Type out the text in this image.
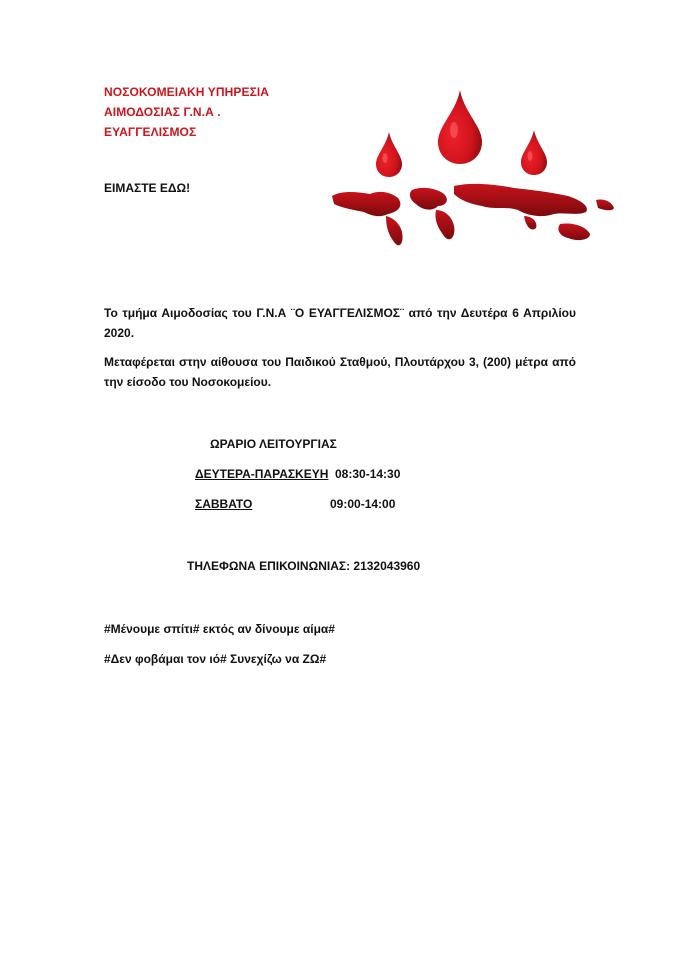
ΝΟΣΟΚΟΜΕΙΑΚΗ ΥΠΗΡΕΣΙΑ
ΑΙΜΟΔΟΣΙΑΣ Γ.Ν.Α .
ΕΥΑΓΓΕΛΙΣΜΟΣ
ΕΙΜΑΣΤΕ ΕΔΩ!
Το τμήμα Αιμοδοσίας του Γ.Ν.Α ¨Ο ΕΥΑΓΓΕΛΙΣΜΟΣ¨ από την Δευτέρα 6 Απριλίου 2020.
Μεταφέρεται στην αίθουσα του Παιδικού Σταθμού, Πλουτάρχου 3, (200) μέτρα από την είσοδο του Νοσοκομείου.
ΩΡΑΡΙΟ ΛΕΙΤΟΥΡΓΙΑΣ
ΔΕΥΤΕΡΑ-ΠΑΡΑΣΚΕΥΗ 08:30-14:30
ΣΑΒΒΑΤΟ	09:00-14:00
ΤΗΛΕΦΩΝΑ ΕΠΙΚΟΙΝΩΝΙΑΣ: 2132043960
#Μένουμε σπίτι# εκτός αν δίνουμε αίμα#
#Δεν φοβάμαι τον ιό# Συνεχίζω να ΖΩ#
